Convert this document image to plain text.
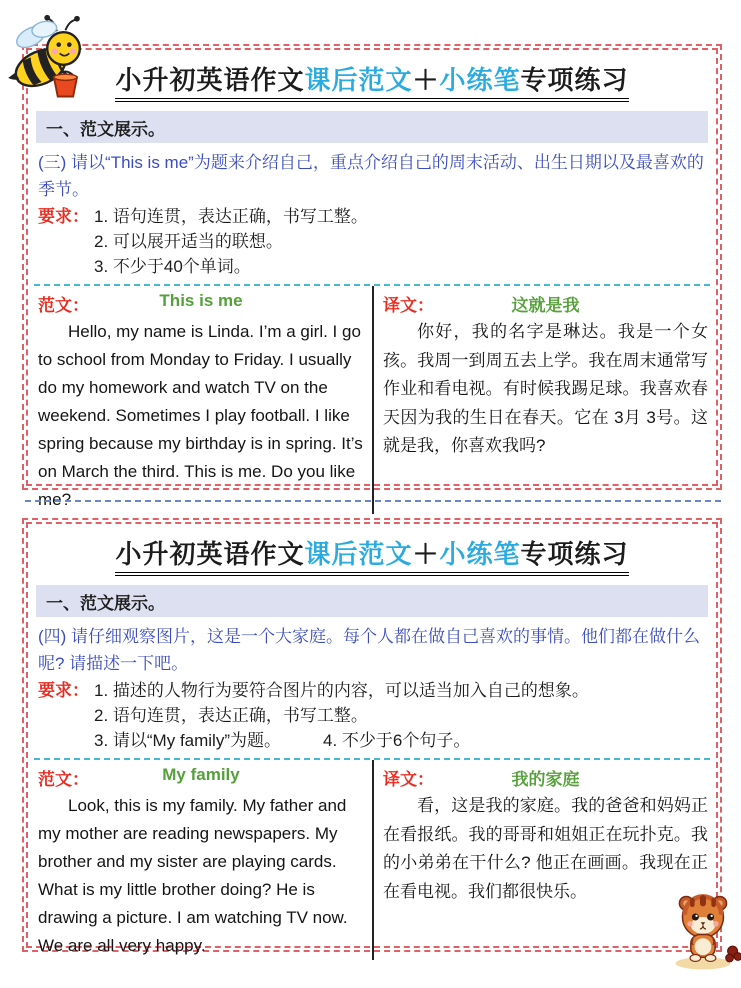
小升初英语作文课后范文＋小练笔专项练习
一、范文展示。
(三) 请以“This is me”为题来介绍自己，重点介绍自己的周末活动、出生日期以及最喜欢的季节。
要求： 1. 语句连贯，表达正确，书写工整。
2. 可以展开适当的联想。
3. 不少于40个单词。
范文：	This is me
Hello, my name is Linda. I’m a girl. I go to school from Monday to Friday. I usually do my homework and watch TV on the weekend. Sometimes I play football. I like spring because my birthday is in spring. It’s on March the third. This is me. Do you like me?
译文：	这就是我
你好，我的名字是琳达。我是一个女孩。我周一到周五去上学。我在周末通常写作业和看电视。有时候我踢足球。我喜欢春天因为我的生日在春天。它在 3月 3号。这就是我，你喜欢我吗?
小升初英语作文课后范文＋小练笔专项练习
一、范文展示。
(四) 请仔细观察图片，这是一个大家庭。每个人都在做自己喜欢的事情。他们都在做什么呢? 请描述一下吧。
要求： 1. 描述的人物行为要符合图片的内容，可以适当加入自己的想象。
2. 语句连贯，表达正确，书写工整。
3. 请以“My family”为题。 4. 不少于6个句子。
范文：	My family
Look, this is my family. My father and my mother are reading newspapers. My brother and my sister are playing cards. What is my little brother doing? He is drawing a picture. I am watching TV now. We are all very happy.
译文：	我的家庭
看，这是我的家庭。我的爸爸和妈妈正在看报纸。我的哥哥和姐姐正在玩扑克。我的小弟弟在干什么? 他正在画画。我现在正在看电视。我们都很快乐。
